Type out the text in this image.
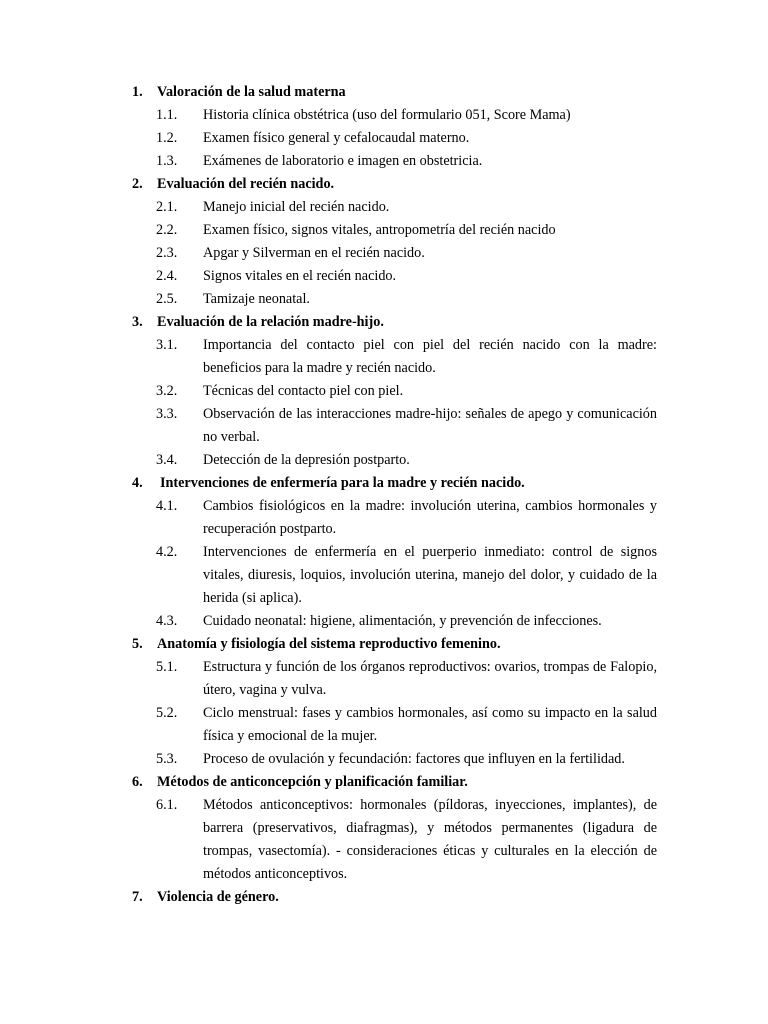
1.	Valoración de la salud materna
1.1.	Historia clínica obstétrica (uso del formulario 051, Score Mama)
1.2.	Examen físico general y cefalocaudal materno.
1.3.	Exámenes de laboratorio e imagen en obstetricia.
2.	Evaluación del recién nacido.
2.1.	Manejo inicial del recién nacido.
2.2.	Examen físico, signos vitales, antropometría del recién nacido
2.3.	Apgar y Silverman en el recién nacido.
2.4.	Signos vitales en el recién nacido.
2.5.	Tamizaje neonatal.
3.	Evaluación de la relación madre-hijo.
3.1.	Importancia del contacto piel con piel del recién nacido con la madre: beneficios para la madre y recién nacido.
3.2.	Técnicas del contacto piel con piel.
3.3.	Observación de las interacciones madre-hijo: señales de apego y comunicación no verbal.
3.4.	Detección de la depresión postparto.
4.	Intervenciones de enfermería para la madre y recién nacido.
4.1.	Cambios fisiológicos en la madre: involución uterina, cambios hormonales y recuperación postparto.
4.2.	Intervenciones de enfermería en el puerperio inmediato: control de signos vitales, diuresis, loquios, involución uterina, manejo del dolor, y cuidado de la herida (si aplica).
4.3.	Cuidado neonatal: higiene, alimentación, y prevención de infecciones.
5.	Anatomía y fisiología del sistema reproductivo femenino.
5.1.	Estructura y función de los órganos reproductivos: ovarios, trompas de Falopio, útero, vagina y vulva.
5.2.	Ciclo menstrual: fases y cambios hormonales, así como su impacto en la salud física y emocional de la mujer.
5.3.	Proceso de ovulación y fecundación: factores que influyen en la fertilidad.
6.	Métodos de anticoncepción y planificación familiar.
6.1.	Métodos anticonceptivos: hormonales (píldoras, inyecciones, implantes), de barrera (preservativos, diafragmas), y métodos permanentes (ligadura de trompas, vasectomía). - consideraciones éticas y culturales en la elección de métodos anticonceptivos.
7.	Violencia de género.
